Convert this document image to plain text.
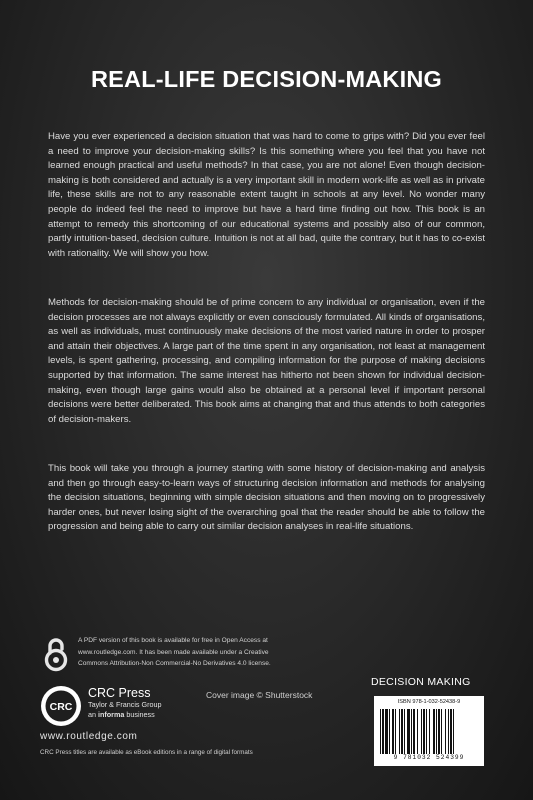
REAL-LIFE DECISION-MAKING

Have you ever experienced a decision situation that was hard to come to grips with? Did you ever feel a need to improve your decision-making skills? Is this something where you feel that you have not learned enough practical and useful methods? In that case, you are not alone! Even though decision-making is both considered and actually is a very important skill in modern work-life as well as in private life, these skills are not to any reasonable extent taught in schools at any level. No wonder many people do indeed feel the need to improve but have a hard time finding out how. This book is an attempt to remedy this shortcoming of our educational systems and possibly also of our common, partly intuition-based, decision culture. Intuition is not at all bad, quite the contrary, but it has to co-exist with rationality. We will show you how.

Methods for decision-making should be of prime concern to any individual or organisation, even if the decision processes are not always explicitly or even consciously formulated. All kinds of organisations, as well as individuals, must continuously make decisions of the most varied nature in order to prosper and attain their objectives. A large part of the time spent in any organisation, not least at management levels, is spent gathering, processing, and compiling information for the purpose of making decisions supported by that information. The same interest has hitherto not been shown for individual decision-making, even though large gains would also be obtained at a personal level if important personal decisions were better deliberated. This book aims at changing that and thus attends to both categories of decision-makers.

This book will take you through a journey starting with some history of decision-making and analysis and then go through easy-to-learn ways of structuring decision information and methods for analysing the decision situations, beginning with simple decision situations and then moving on to progressively harder ones, but never losing sight of the overarching goal that the reader should be able to follow the progression and being able to carry out similar decision analyses in real-life situations.

A PDF version of this book is available for free in Open Access at
www.routledge.com. It has been made available under a Creative
Commons Attribution-Non Commercial-No Derivatives 4.0 license.
CRC
CRC Press
Taylor & Francis Group
an informa business
www.routledge.com
CRC Press titles are available as eBook editions in a range of digital formats
Cover image © Shutterstock
DECISION MAKING
ISBN 978-1-032-52438-9
9 781032 524399
